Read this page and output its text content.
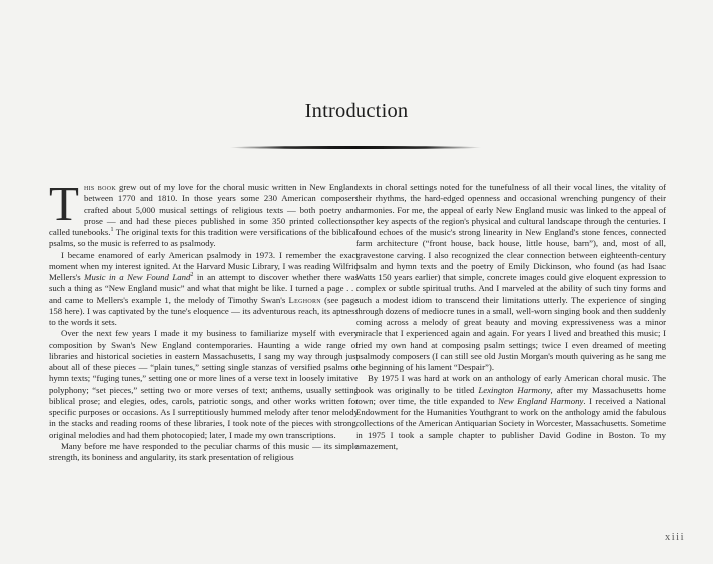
Introduction

This book grew out of my love for the choral music written in New England between 1770 and 1810. In those years some 230 American composers crafted about 5,000 musical settings of religious texts — both poetry and prose — and had these pieces published in some 350 printed collections, called tunebooks.$^1$ The original texts for this tradition were versifications of the biblical psalms, so the music is referred to as psalmody.

I became enamored of early American psalmody in 1973. I remember the exact moment when my interest ignited. At the Harvard Music Library, I was reading Wilfrid Mellers's Music in a New Found Land$^2$ in an attempt to discover whether there was such a thing as “New England music” and what that might be like. I turned a page . . . and came to Mellers's example 1, the melody of Timothy Swan's Leghorn (see page 158 here). I was captivated by the tune's eloquence — its adventurous reach, its aptness to the words it sets.

Over the next few years I made it my business to familiarize myself with every composition by Swan's New England contemporaries. Haunting a wide range of libraries and historical societies in eastern Massachusetts, I sang my way through just about all of these pieces — “plain tunes,” setting single stanzas of versified psalms or hymn texts; “fuging tunes,” setting one or more lines of a verse text in loosely imitative polyphony; “set pieces,” setting two or more verses of text; anthems, usually setting biblical prose; and elegies, odes, carols, patriotic songs, and other works written for specific purposes or occasions. As I surreptitiously hummed melody after tenor melody in the stacks and reading rooms of these libraries, I took note of the pieces with strong, original melodies and had them photocopied; later, I made my own transcriptions.

Many before me have responded to the peculiar charms of this music — its simple strength, its boniness and angularity, its stark presentation of religious

texts in choral settings noted for the tunefulness of all their vocal lines, the vitality of their rhythms, the hard-edged openness and occasional wrenching pungency of their harmonies. For me, the appeal of early New England music was linked to the appeal of other key aspects of the region's physical and cultural landscape through the centuries. I found echoes of the music's strong linearity in New England's stone fences, connected farm architecture (“front house, back house, little house, barn”), and, most of all, gravestone carving. I also recognized the clear connection between eighteenth-century psalm and hymn texts and the poetry of Emily Dickinson, who found (as had Isaac Watts 150 years earlier) that simple, concrete images could give eloquent expression to complex or subtle spiritual truths. And I marveled at the ability of such tiny forms and such a modest idiom to transcend their limitations utterly. The experience of singing through dozens of mediocre tunes in a small, well-worn singing book and then suddenly coming across a melody of great beauty and moving expressiveness was a minor miracle that I experienced again and again. For years I lived and breathed this music; I tried my own hand at composing psalm settings; twice I even dreamed of meeting psalmody composers (I can still see old Justin Morgan's mouth quivering as he sang me the beginning of his lament “Despair”).

By 1975 I was hard at work on an anthology of early American choral music. The book was originally to be titled Lexington Harmony, after my Massachusetts home town; over time, the title expanded to New England Harmony. I received a National Endowment for the Humanities Youthgrant to work on the anthology amid the fabulous collections of the American Antiquarian Society in Worcester, Massachusetts. Sometime in 1975 I took a sample chapter to publisher David Godine in Boston. To my amazement,

xiii
